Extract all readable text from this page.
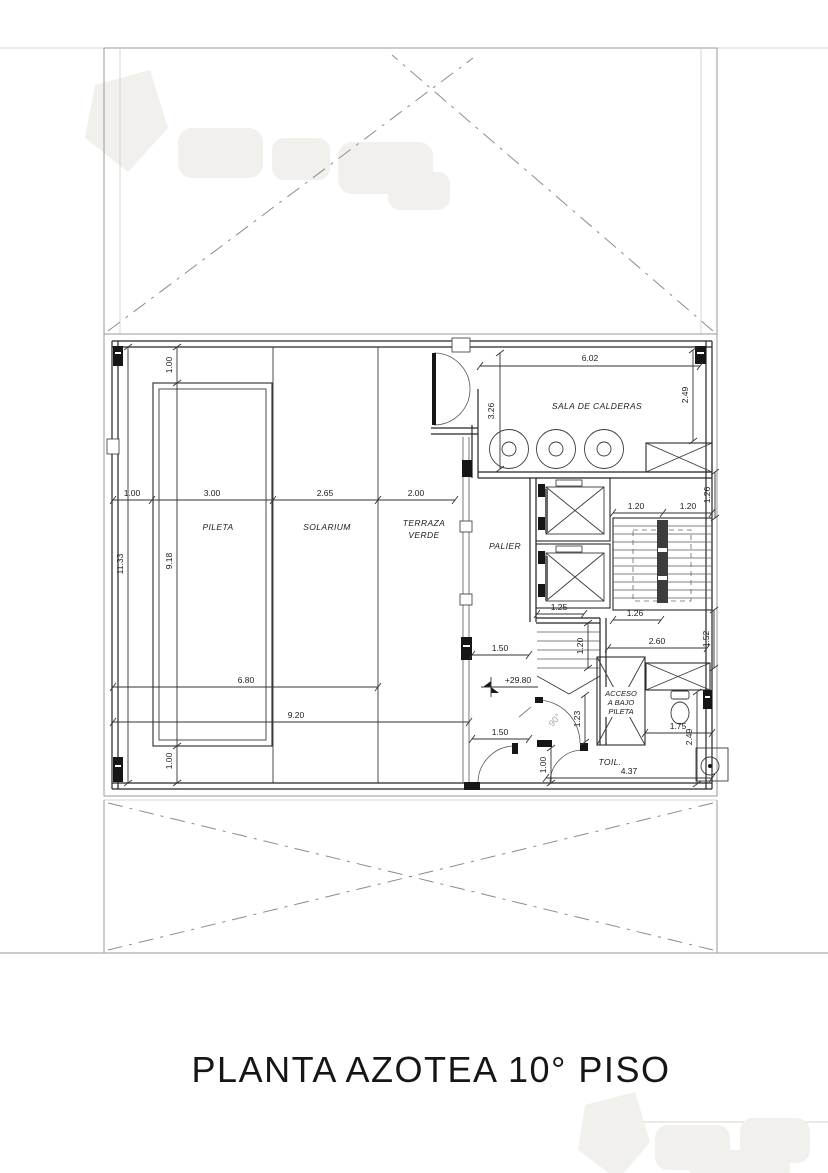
ACCESO
A BAJO
PILETA
90°
+29.80
1.00	3.00	2.65	2.00
1.00
9.18
1.00
11.33
6.80
9.20
6.02
3.26
2.49
1.20	1.20
1.26
1.26
1.52
1.25
1.20
1.23
1.50
1.50
2.60
1.75
2.49
1.00	4.37
PILETA	SOLARIUM	TERRAZA
VERDE
PALIER
SALA DE CALDERAS
TOIL.
PLANTA AZOTEA 10° PISO
